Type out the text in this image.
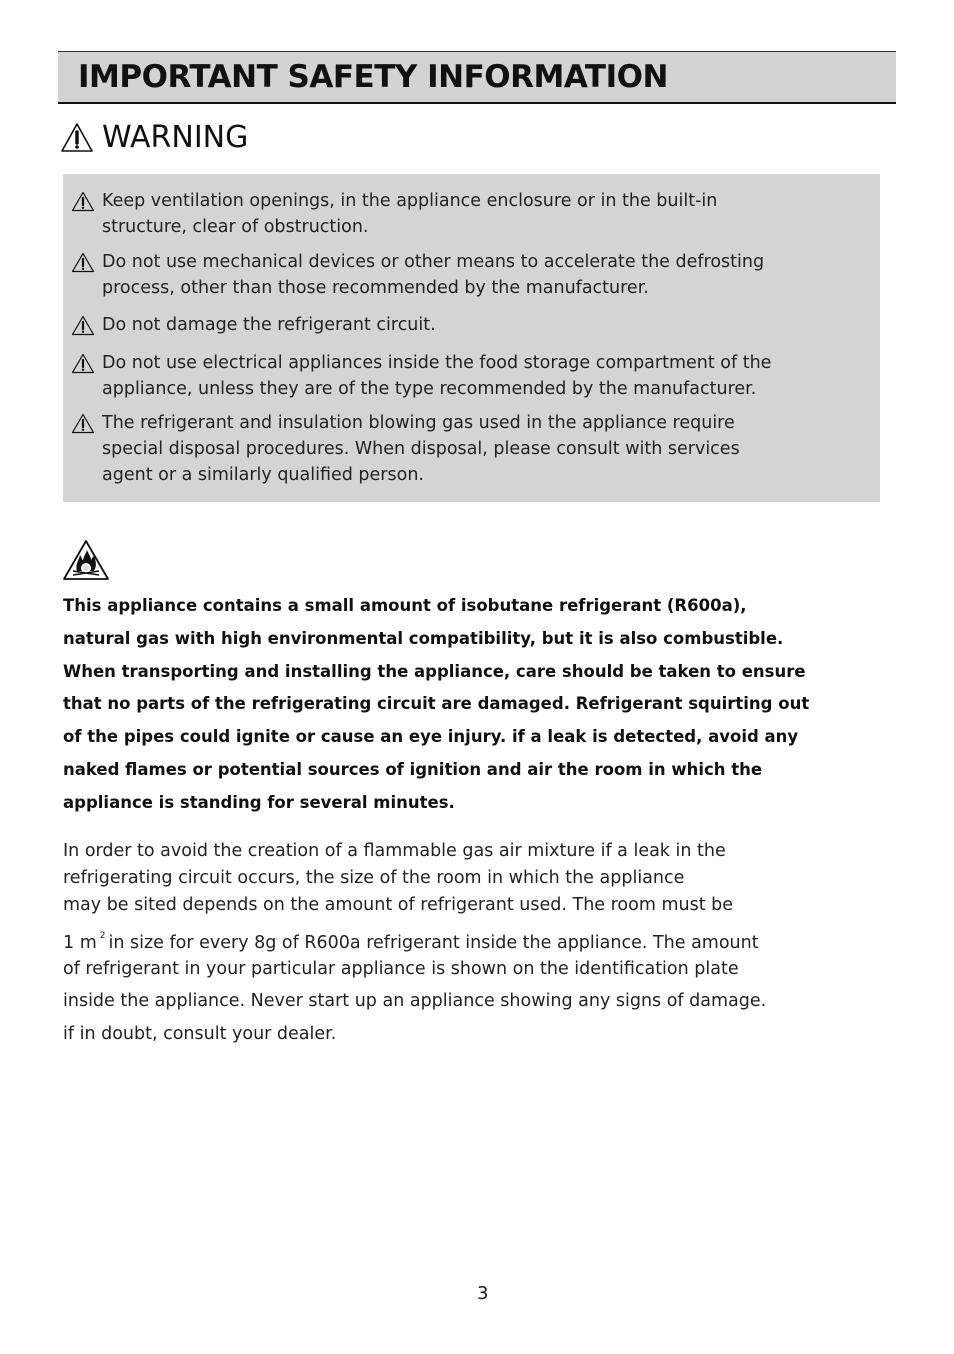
IMPORTANT SAFETY INFORMATION
WARNING
Keep ventilation openings, in the appliance enclosure or in the built-in
structure, clear of obstruction.
Do not use mechanical devices or other means to accelerate the defrosting
process, other than those recommended by the manufacturer.
Do not damage the refrigerant circuit.
Do not use electrical appliances inside the food storage compartment of the
appliance, unless they are of the type recommended by the manufacturer.
The refrigerant and insulation blowing gas used in the appliance require
special disposal procedures. When disposal, please consult with services
agent or a similarly qualified person.
This appliance contains a small amount of isobutane refrigerant (R600a),
natural gas with high environmental compatibility, but it is also combustible.
When transporting and installing the appliance, care should be taken to ensure
that no parts of the refrigerating circuit are damaged. Refrigerant squirting out
of the pipes could ignite or cause an eye injury. if a leak is detected, avoid any
naked flames or potential sources of ignition and air the room in which the
appliance is standing for several minutes.
In order to avoid the creation of a flammable gas air mixture if a leak in the
refrigerating circuit occurs, the size of the room in which the appliance
may be sited depends on the amount of refrigerant used. The room must be
1 m $^2$ in size for every 8g of R600a refrigerant inside the appliance. The amount
of refrigerant in your particular appliance is shown on the identification plate
inside the appliance. Never start up an appliance showing any signs of damage.
if in doubt, consult your dealer.
3
